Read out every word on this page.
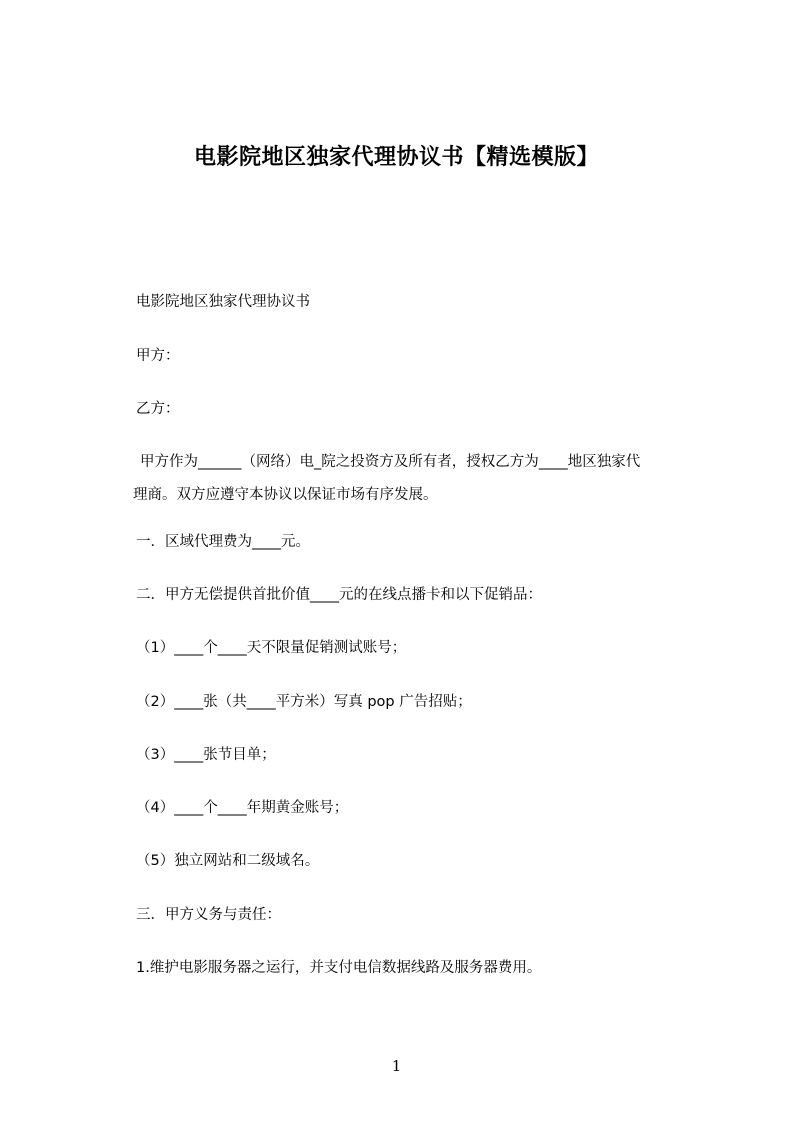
电影院地区独家代理协议书【精选模版】
电影院地区独家代理协议书
甲方：
乙方：
甲方作为______（网络）电_院之投资方及所有者，授权乙方为____地区独家代
理商。双方应遵守本协议以保证市场有序发展。
一．区域代理费为____元。
二．甲方无偿提供首批价值____元的在线点播卡和以下促销品：
（1）____个____天不限量促销测试账号；
（2）____张（共____平方米）写真 pop 广告招贴；
（3）____张节目单；
（4）____个____年期黄金账号；
（5）独立网站和二级域名。
三．甲方义务与责任：
1.维护电影服务器之运行，并支付电信数据线路及服务器费用。
1
